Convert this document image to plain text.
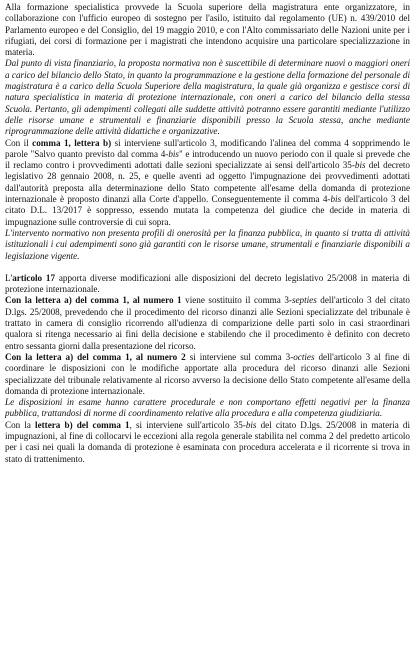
Alla formazione specialistica provvede la Scuola superiore della magistratura ente organizzatore, in collaborazione con l'ufficio europeo di sostegno per l'asilo, istituito dal regolamento (UE) n. 439/2010 del Parlamento europeo e del Consiglio, del 19 maggio 2010, e con l'Alto commissariato delle Nazioni unite per i rifugiati, dei corsi di formazione per i magistrati che intendono acquisire una particolare specializzazione in materia.

Dal punto di vista finanziario, la proposta normativa non è suscettibile di determinare nuovi o maggiori oneri a carico del bilancio dello Stato, in quanto la programmazione e la gestione della formazione del personale di magistratura è a carico della Scuola Superiore della magistratura, la quale già organizza e gestisce corsi di natura specialistica in materia di protezione internazionale, con oneri a carico del bilancio della stessa Scuola. Pertanto, gli adempimenti collegati alle suddette attività potranno essere garantiti mediante l'utilizzo delle risorse umane e strumentali e finanziarie disponibili presso la Scuola stessa, anche mediante riprogrammazione delle attività didattiche e organizzative.

Con il comma 1, lettera b) si interviene sull'articolo 3, modificando l'alinea del comma 4 sopprimendo le parole "Salvo quanto previsto dal comma 4-bis" e introducendo un nuovo periodo con il quale si prevede che il reclamo contro i provvedimenti adottati dalle sezioni specializzate ai sensi dell'articolo 35-bis del decreto legislativo 28 gennaio 2008, n. 25, e quelle aventi ad oggetto l'impugnazione dei provvedimenti adottati dall'autorità preposta alla determinazione dello Stato competente all'esame della domanda di protezione internazionale è proposto dinanzi alla Corte d'appello. Conseguentemente il comma 4-bis dell'articolo 3 del citato D.L. 13/2017 è soppresso, essendo mutata la competenza del giudice che decide in materia di impugnazione sulle controversie di cui sopra.

L'intervento normativo non presenta profili di onerosità per la finanza pubblica, in quanto si tratta di attività istituzionali i cui adempimenti sono già garantiti con le risorse umane, strumentali e finanziarie disponibili a legislazione vigente.

L'articolo 17 apporta diverse modificazioni alle disposizioni del decreto legislativo 25/2008 in materia di protezione internazionale.

Con la lettera a) del comma 1, al numero 1 viene sostituito il comma 3-septies dell'articolo 3 del citato D.lgs. 25/2008, prevedendo che il procedimento del ricorso dinanzi alle Sezioni specializzate del tribunale è trattato in camera di consiglio ricorrendo all'udienza di comparizione delle parti solo in casi straordinari qualora si ritenga necessario ai fini della decisione e stabilendo che il procedimento è definito con decreto entro sessanta giorni dalla presentazione del ricorso.

Con la lettera a) del comma 1, al numero 2 si interviene sul comma 3-octies dell'articolo 3 al fine di coordinare le disposizioni con le modifiche apportate alla procedura del ricorso dinanzi alle Sezioni specializzate del tribunale relativamente al ricorso avverso la decisione dello Stato competente all'esame della domanda di protezione internazionale.

Le disposizioni in esame hanno carattere procedurale e non comportano effetti negativi per la finanza pubblica, trattandosi di norme di coordinamento relative alla procedura e alla competenza giudiziaria.

Con la lettera b) del comma 1, si interviene sull'articolo 35-bis del citato D.lgs. 25/2008 in materia di impugnazioni, al fine di collocarvi le eccezioni alla regola generale stabilita nel comma 2 del predetto articolo per i casi nei quali la domanda di protezione è esaminata con procedura accelerata e il ricorrente si trova in stato di trattenimento.
